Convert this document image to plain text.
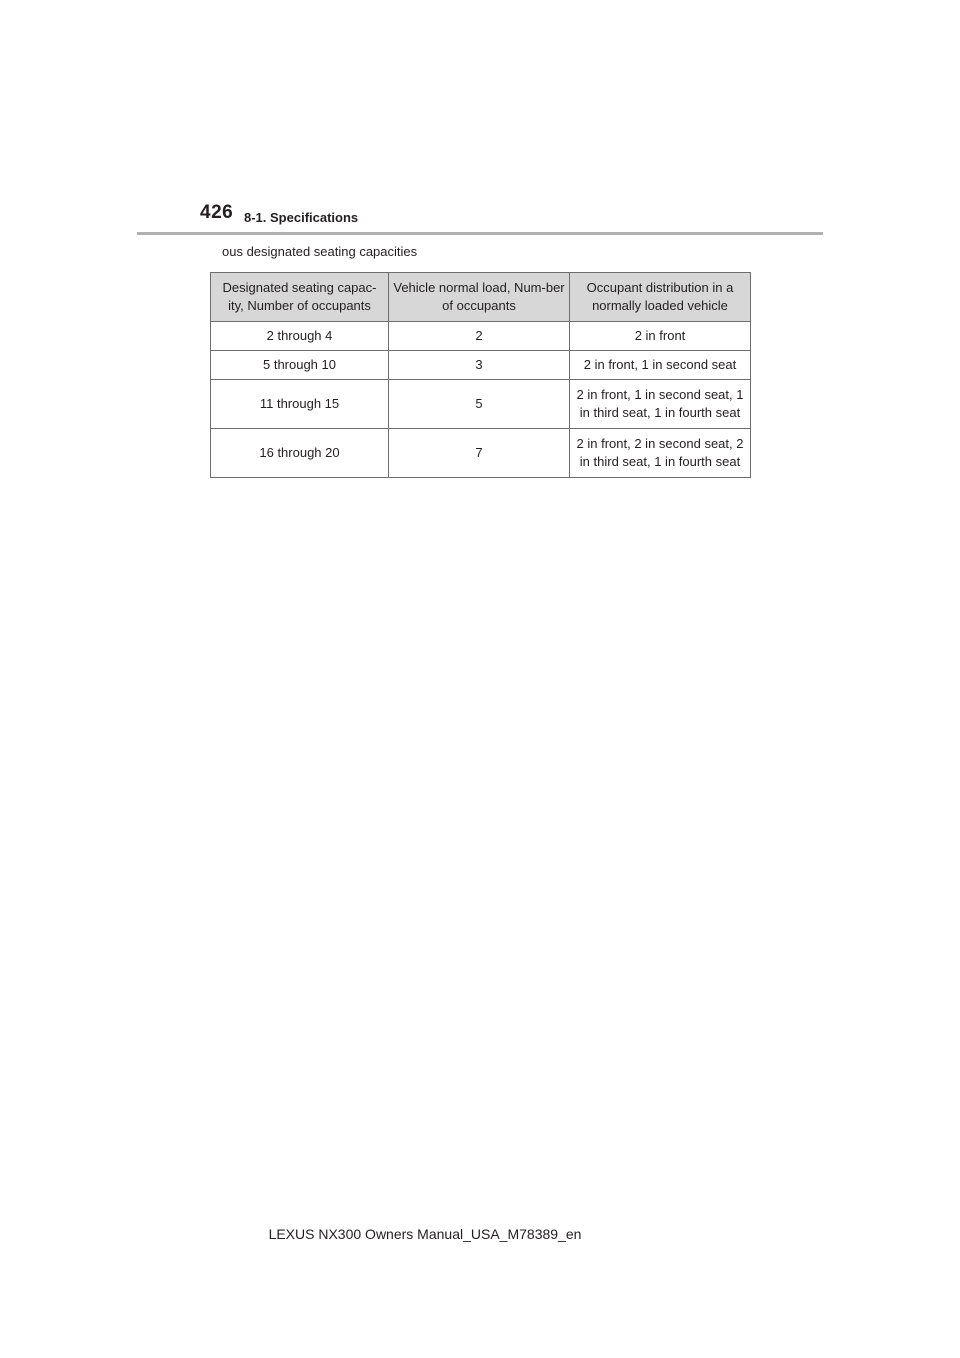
426 8-1. Specifications
ous designated seating capacities
Designated seating capac-ity, Number of occupants	Vehicle normal load, Num-ber of occupants	Occupant distribution in a normally loaded vehicle
2 through 4	2	2 in front
5 through 10	3	2 in front, 1 in second seat
11 through 15	5	2 in front, 1 in second seat, 1 in third seat, 1 in fourth seat
16 through 20	7	2 in front, 2 in second seat, 2 in third seat, 1 in fourth seat
LEXUS NX300 Owners Manual_USA_M78389_en
